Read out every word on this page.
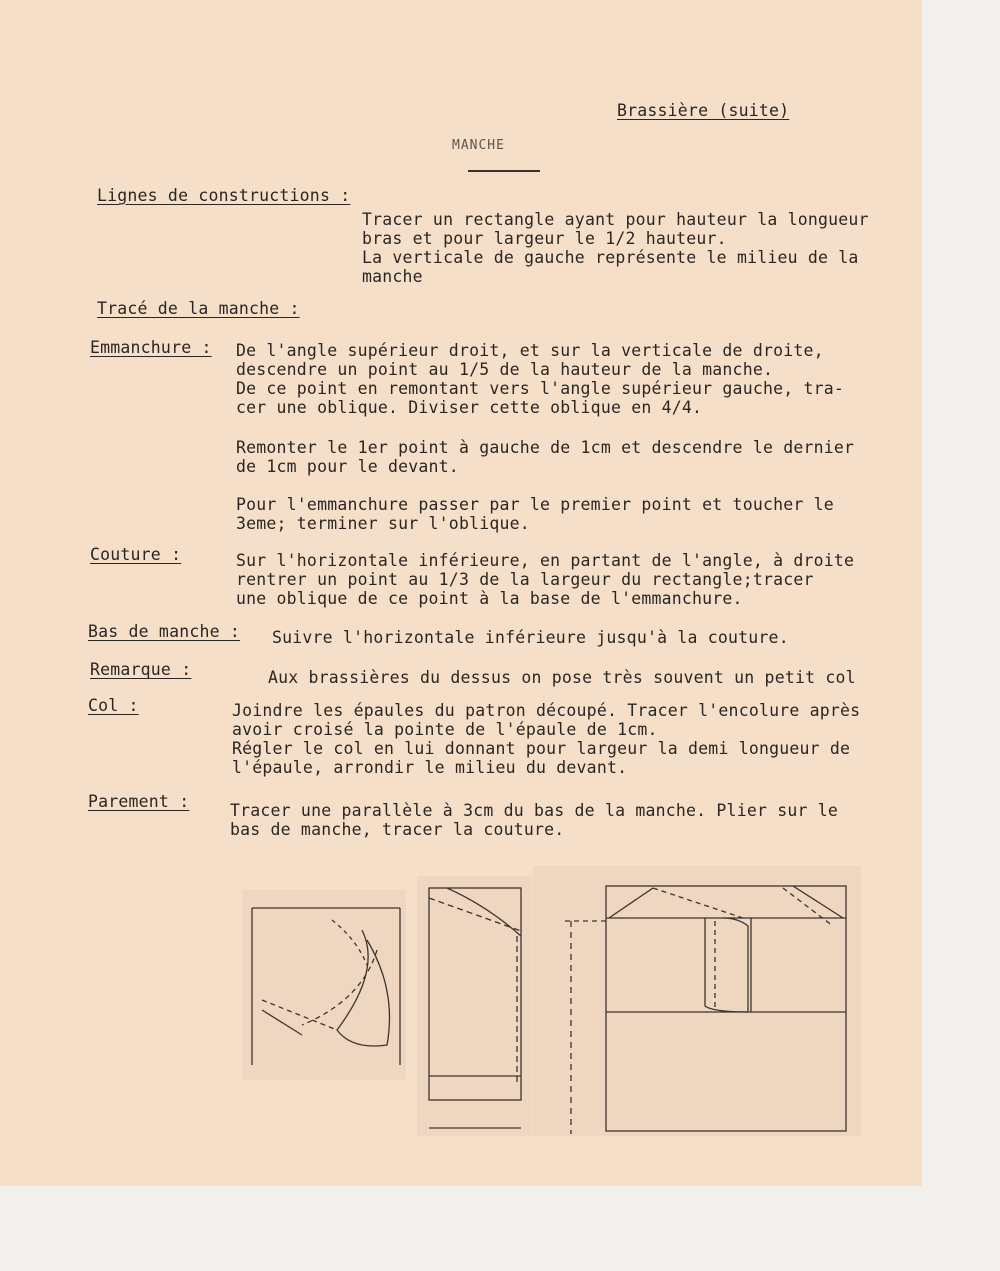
Brassière (suite)
MANCHE
Lignes de constructions :
Tracer un rectangle ayant pour hauteur la longueur
bras et pour largeur le 1/2 hauteur.
La verticale de gauche représente le milieu de la
manche
Tracé de la manche :
Emmanchure : De l'angle supérieur droit, et sur la verticale de droite,
descendre un point au 1/5 de la hauteur de la manche.
De ce point en remontant vers l'angle supérieur gauche, tra-
cer une oblique. Diviser cette oblique en 4/4.
Remonter le 1er point à gauche de 1cm et descendre le dernier
de 1cm pour le devant.
Pour l'emmanchure passer par le premier point et toucher le
3eme; terminer sur l'oblique.
Couture :	Sur l'horizontale inférieure, en partant de l'angle, à droite
rentrer un point au 1/3 de la largeur du rectangle;tracer
une oblique de ce point à la base de l'emmanchure.
Bas de manche : Suivre l'horizontale inférieure jusqu'à la couture.
Remarque :	Aux brassières du dessus on pose très souvent un petit col
Col :	Joindre les épaules du patron découpé. Tracer l'encolure après
avoir croisé la pointe de l'épaule de 1cm.
Régler le col en lui donnant pour largeur la demi longueur de
l'épaule, arrondir le milieu du devant.
Parement : Tracer une parallèle à 3cm du bas de la manche. Plier sur le
bas de manche, tracer la couture.
